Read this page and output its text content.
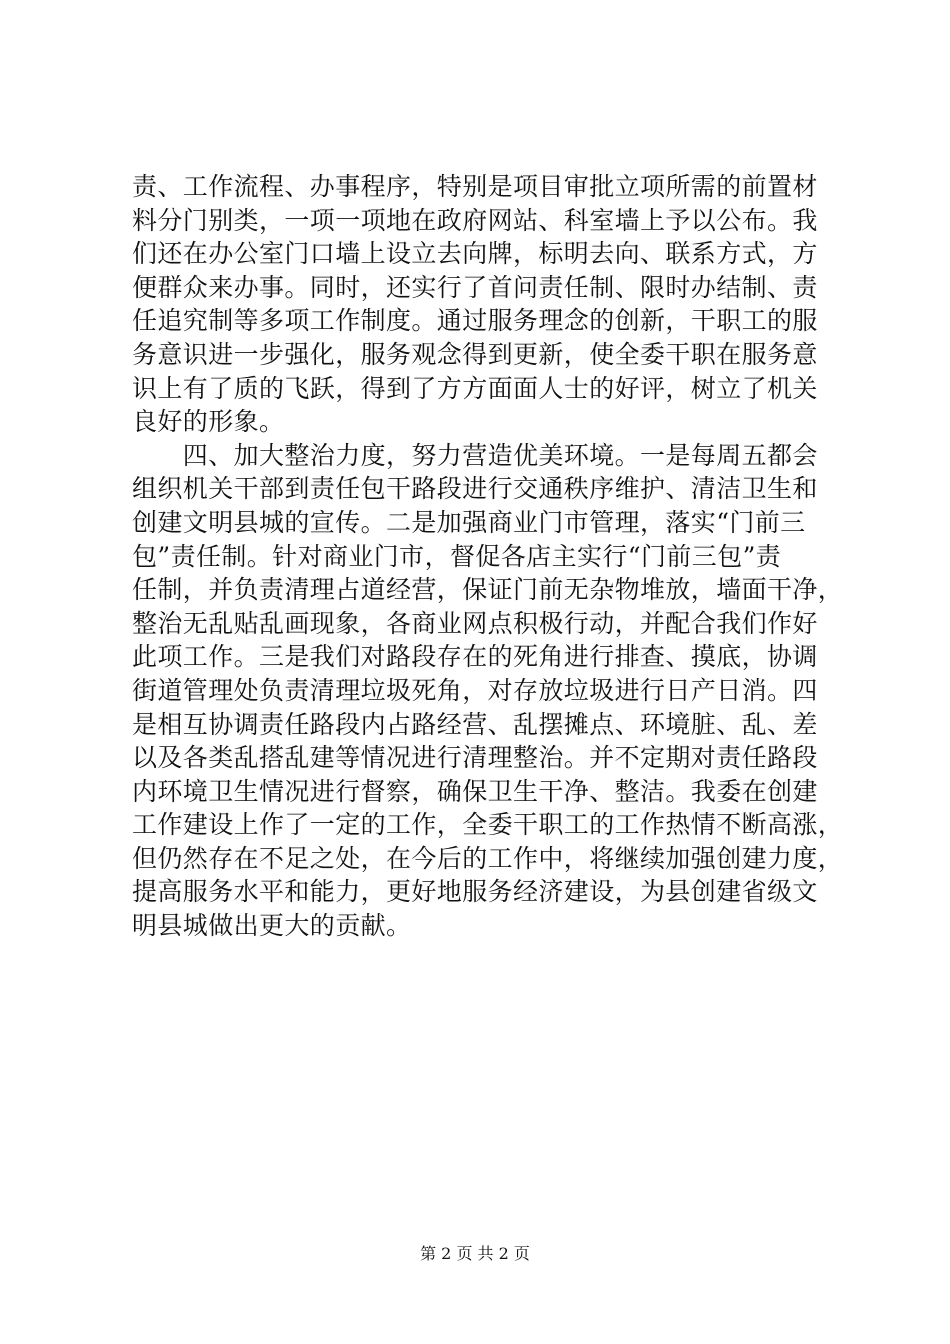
责、工作流程、办事程序，特别是项目审批立项所需的前置材
料分门别类，一项一项地在政府网站、科室墙上予以公布。我
们还在办公室门口墙上设立去向牌，标明去向、联系方式，方
便群众来办事。同时，还实行了首问责任制、限时办结制、责
任追究制等多项工作制度。通过服务理念的创新，干职工的服
务意识进一步强化，服务观念得到更新，使全委干职在服务意
识上有了质的飞跃，得到了方方面面人士的好评，树立了机关
良好的形象。
　　四、加大整治力度，努力营造优美环境。一是每周五都会
组织机关干部到责任包干路段进行交通秩序维护、清洁卫生和
创建文明县城的宣传。二是加强商业门市管理，落实“门前三
包”责任制。针对商业门市，督促各店主实行“门前三包”责
任制，并负责清理占道经营，保证门前无杂物堆放，墙面干净，
整治无乱贴乱画现象，各商业网点积极行动，并配合我们作好
此项工作。三是我们对路段存在的死角进行排查、摸底，协调
街道管理处负责清理垃圾死角，对存放垃圾进行日产日消。四
是相互协调责任路段内占路经营、乱摆摊点、环境脏、乱、差
以及各类乱搭乱建等情况进行清理整治。并不定期对责任路段
内环境卫生情况进行督察，确保卫生干净、整洁。我委在创建
工作建设上作了一定的工作，全委干职工的工作热情不断高涨，
但仍然存在不足之处，在今后的工作中，将继续加强创建力度，
提高服务水平和能力，更好地服务经济建设，为县创建省级文
明县城做出更大的贡献。
第 2 页 共 2 页
